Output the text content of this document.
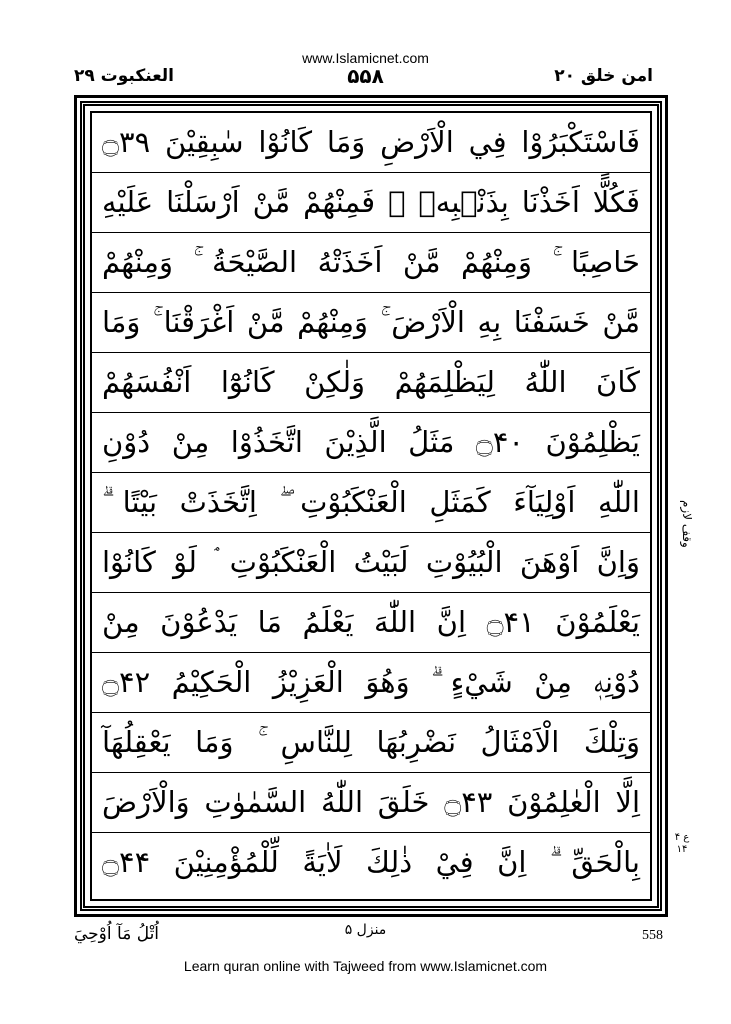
www.Islamicnet.com
العنکبوت ۲۹	۵۵۸	امن خلق ۲۰
فَاسْتَكْبَرُوْا فِي الْاَرْضِ وَمَا كَانُوْا سٰبِقِيْنَ ۝۳۹
فَكُلًّا اَخَذْنَا بِذَنْۢبِهٖ ۚ فَمِنْهُمْ مَّنْ اَرْسَلْنَا عَلَيْهِ
حَاصِبًا ۚ وَمِنْهُمْ مَّنْ اَخَذَتْهُ الصَّيْحَةُ ۚ وَمِنْهُمْ
مَّنْ خَسَفْنَا بِهِ الْاَرْضَ ۚ وَمِنْهُمْ مَّنْ اَغْرَقْنَا ۚ وَمَا
كَانَ اللّٰهُ لِيَظْلِمَهُمْ وَلٰكِنْ كَانُوْٓا اَنْفُسَهُمْ
يَظْلِمُوْنَ ۝۴۰ مَثَلُ الَّذِيْنَ اتَّخَذُوْا مِنْ دُوْنِ
اللّٰهِ اَوْلِيَآءَ كَمَثَلِ الْعَنْكَبُوْتِ ۖ اِتَّخَذَتْ بَيْتًا ۗ
وَاِنَّ اَوْهَنَ الْبُيُوْتِ لَبَيْتُ الْعَنْكَبُوْتِ ۘ لَوْ كَانُوْا
يَعْلَمُوْنَ ۝۴۱ اِنَّ اللّٰهَ يَعْلَمُ مَا يَدْعُوْنَ مِنْ
دُوْنِهٖ مِنْ شَيْءٍ ۗ وَهُوَ الْعَزِيْزُ الْحَكِيْمُ ۝۴۲
وَتِلْكَ الْاَمْثَالُ نَضْرِبُهَا لِلنَّاسِ ۚ وَمَا يَعْقِلُهَآ
اِلَّا الْعٰلِمُوْنَ ۝۴۳ خَلَقَ اللّٰهُ السَّمٰوٰتِ وَالْاَرْضَ
بِالْحَقِّ ۗ اِنَّ فِيْ ذٰلِكَ لَاٰيَةً لِّلْمُؤْمِنِيْنَ ۝۴۴
وقف لازم
ع ۴ ۱۴
اُتْلُ مَآ اُوْحِيَ	منزل ۵	558
Learn quran online with Tajweed from www.Islamicnet.com
